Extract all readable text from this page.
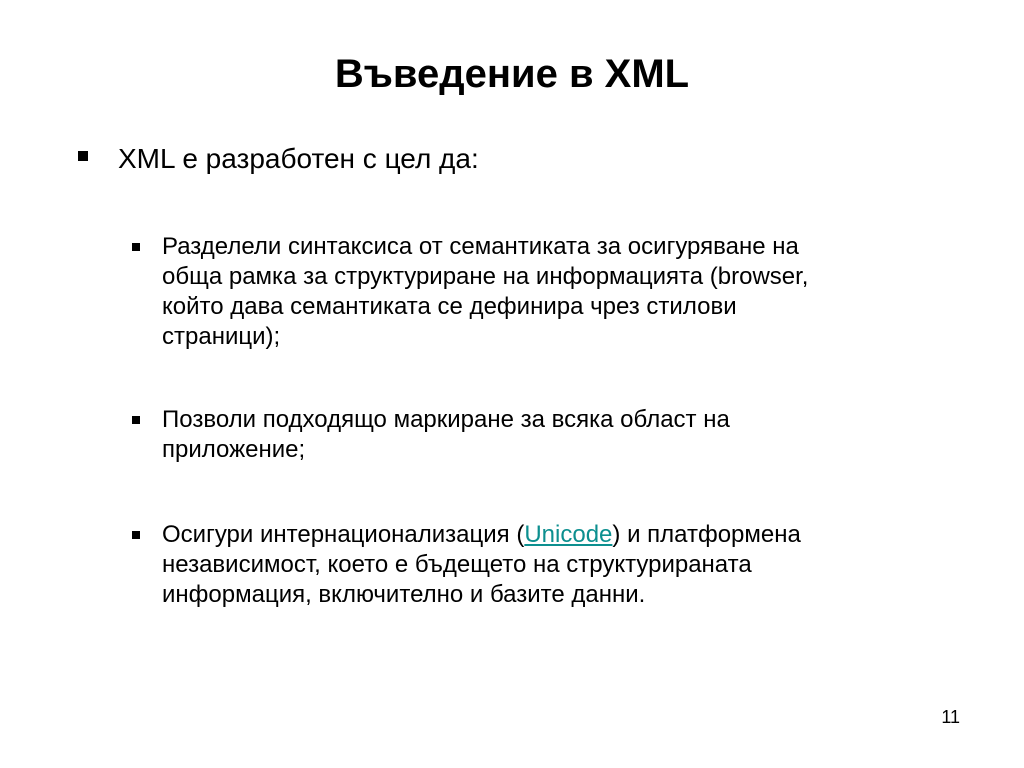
Въведение в XML

XML е разработен с цел да:

Разделели синтаксиса от семантиката за осигуряване на
обща рамка за структуриране на информацията (browser,
който дава семантиката се дефинира чрез стилови
страници);

Позволи подходящо маркиране за всяка област на
приложение;

Осигури интернационализация (Unicode) и платформена
независимост, което е бъдещето на структурираната
информация, включително и базите данни.

11
